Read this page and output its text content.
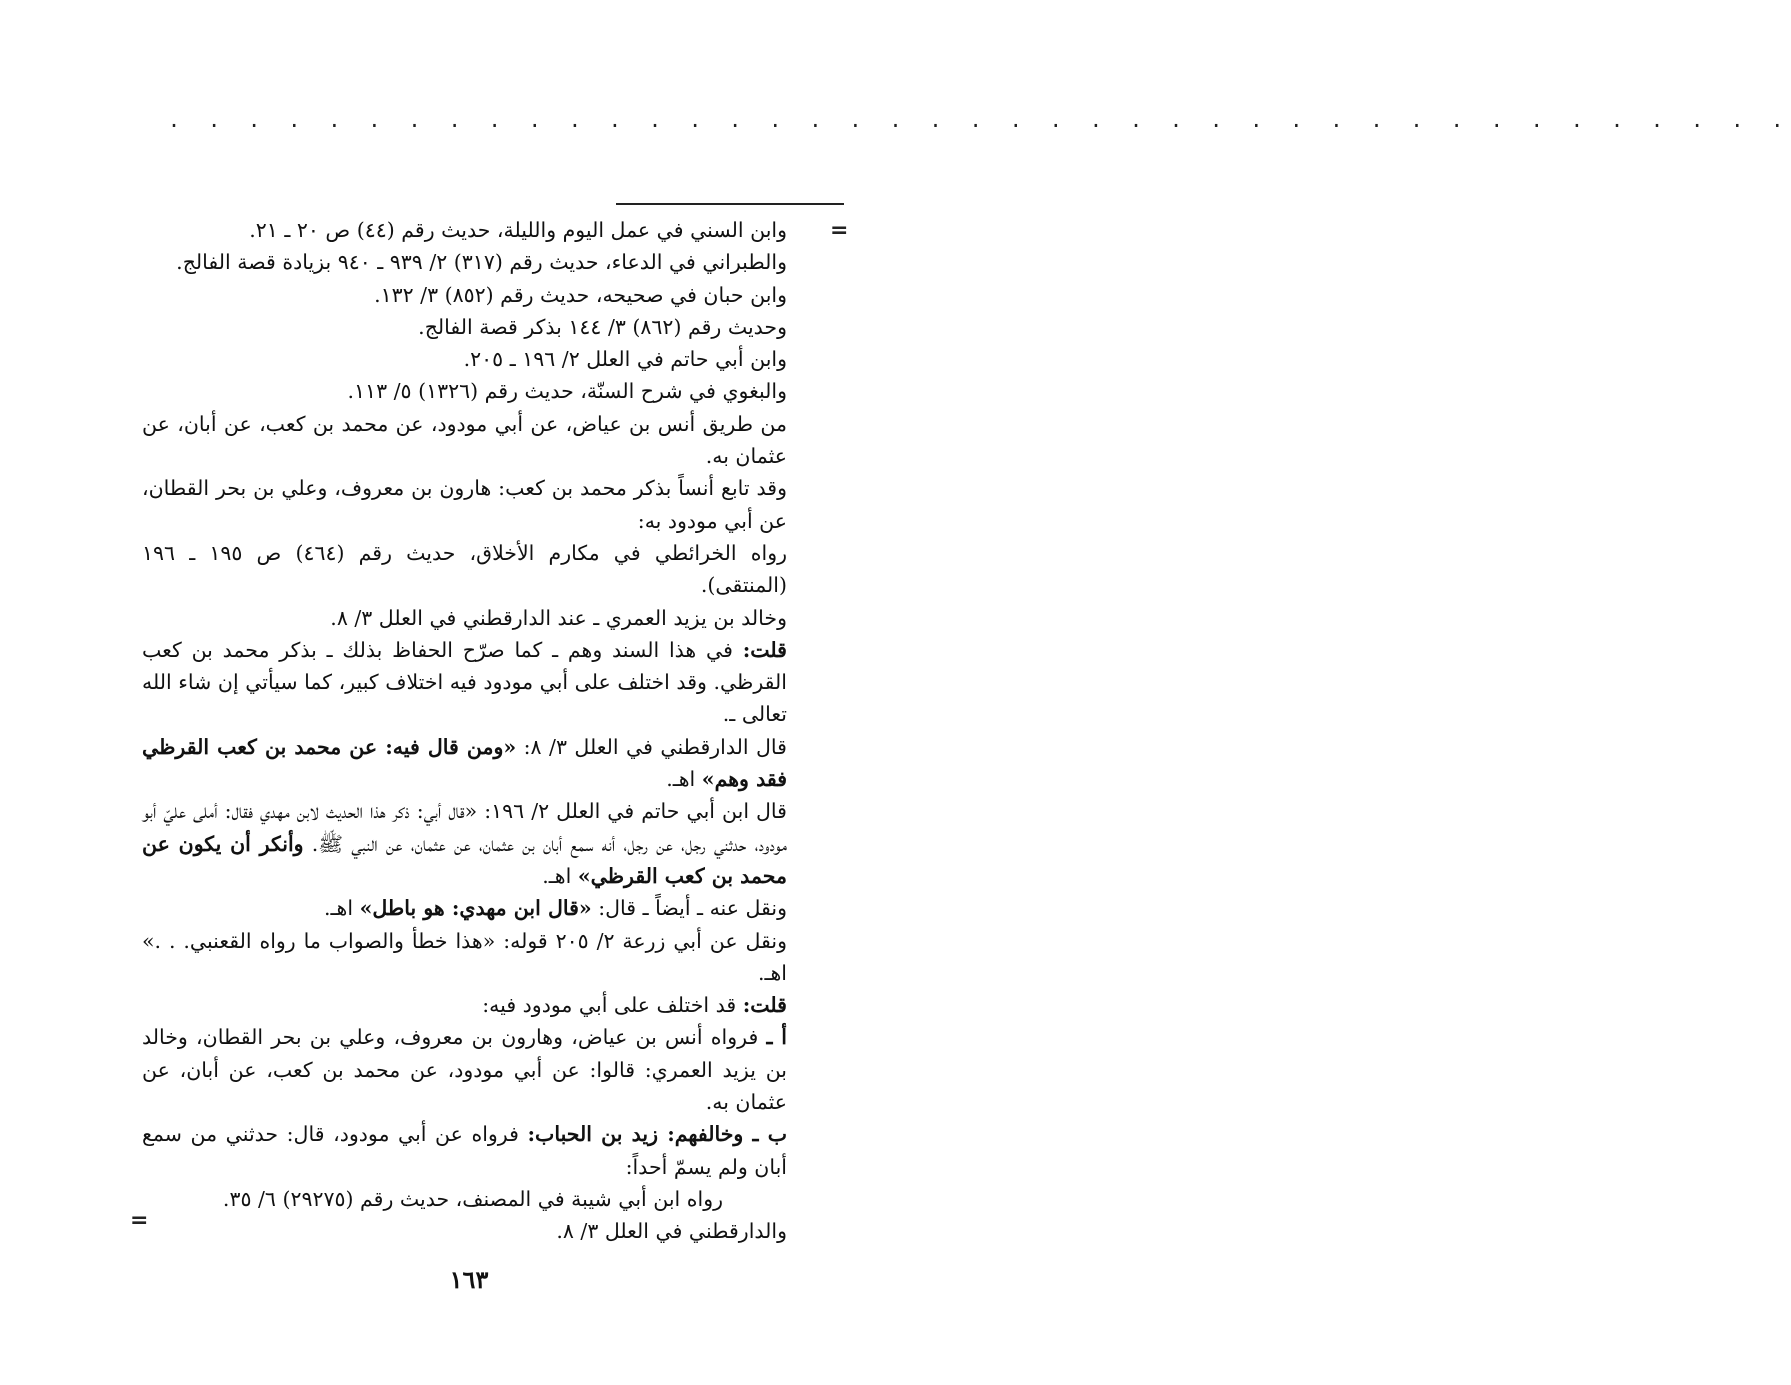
. . . . . . . . . . . . . . . . . . . . . . . . . . . . . . . . . . . . . . . . .
=

وابن السني في عمل اليوم والليلة، حديث رقم (٤٤) ص ٢٠ ـ ٢١.

والطبراني في الدعاء، حديث رقم (٣١٧) ٢/ ٩٣٩ ـ ٩٤٠ بزيادة قصة الفالج.

وابن حبان في صحيحه، حديث رقم (٨٥٢) ٣/ ١٣٢.

وحديث رقم (٨٦٢) ٣/ ١٤٤ بذكر قصة الفالج.

وابن أبي حاتم في العلل ٢/ ١٩٦ ـ ٢٠٥.

والبغوي في شرح السنّة، حديث رقم (١٣٢٦) ٥/ ١١٣.

من طريق أنس بن عياض، عن أبي مودود، عن محمد بن كعب، عن أبان، عن عثمان به.

وقد تابع أنساً بذكر محمد بن كعب: هارون بن معروف، وعلي بن بحر القطان، عن أبي مودود به:

رواه الخرائطي في مكارم الأخلاق، حديث رقم (٤٦٤) ص ١٩٥ ـ ١٩٦ (المنتقى).

وخالد بن يزيد العمري ـ عند الدارقطني في العلل ٣/ ٨.

قلت: في هذا السند وهم ـ كما صرّح الحفاظ بذلك ـ بذكر محمد بن كعب القرظي. وقد اختلف على أبي مودود فيه اختلاف كبير، كما سيأتي إن شاء الله تعالى ـ.

قال الدارقطني في العلل ٣/ ٨: «ومن قال فيه: عن محمد بن كعب القرظي فقد وهم» اهـ.

قال ابن أبي حاتم في العلل ٢/ ١٩٦: «قال أبي: ذكر هذا الحديث لابن مهدي فقال: أملى عليّ أبو مودود، حدثني رجل، عن رجل، أنه سمع أبان بن عثمان، عن عثمان، عن النبي ﷺ. وأنكر أن يكون عن محمد بن كعب القرظي» اهـ.

ونقل عنه ـ أيضاً ـ قال: «قال ابن مهدي: هو باطل» اهـ.

ونقل عن أبي زرعة ٢/ ٢٠٥ قوله: «هذا خطأ والصواب ما رواه القعنبي. . .» اهـ.

قلت: قد اختلف على أبي مودود فيه:

أ ـ فرواه أنس بن عياض، وهارون بن معروف، وعلي بن بحر القطان، وخالد بن يزيد العمري: قالوا: عن أبي مودود، عن محمد بن كعب، عن أبان، عن عثمان به.

ب ـ وخالفهم: زيد بن الحباب: فرواه عن أبي مودود، قال: حدثني من سمع أبان ولم يسمّ أحداً:

رواه ابن أبي شيبة في المصنف، حديث رقم (٢٩٢٧٥) ٦/ ٣٥.

والدارقطني في العلل ٣/ ٨.

=
١٦٣
